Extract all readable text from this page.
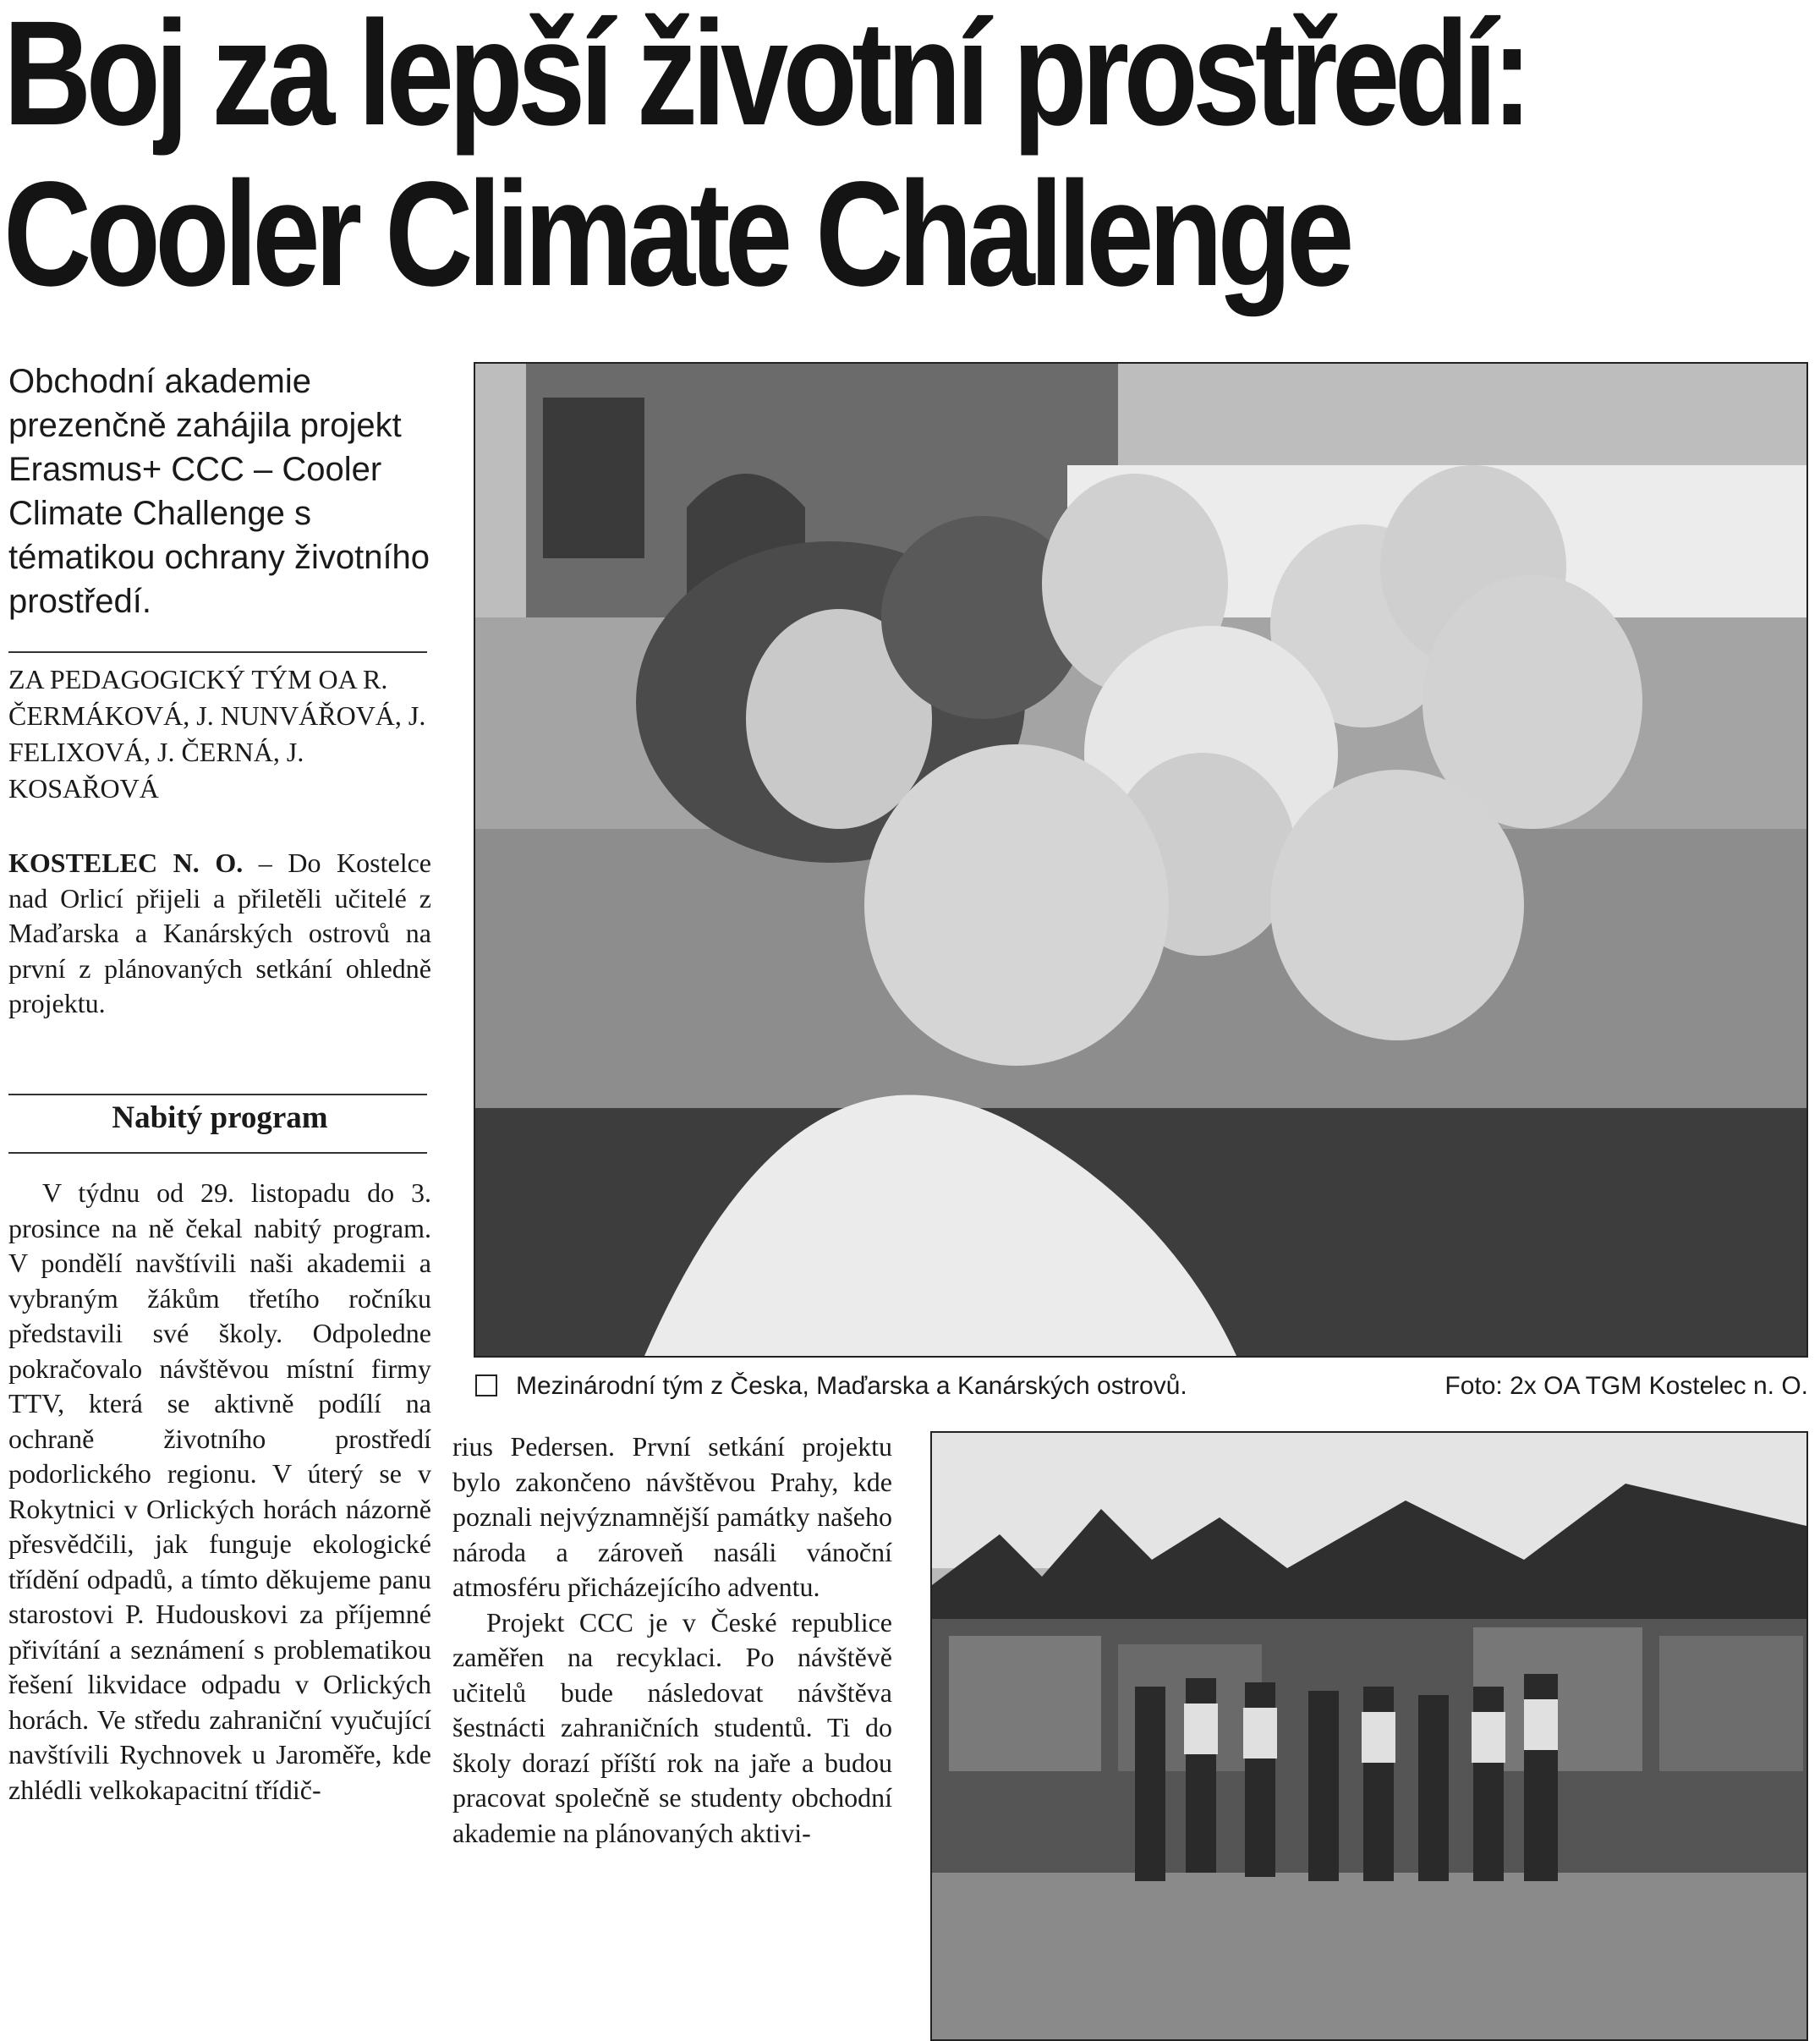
Boj za lepší životní prostředí:
Cooler Climate Challenge
Obchodní akademie prezenčně zahájila projekt Erasmus+ CCC – Cooler Climate Challenge s tématikou ochrany životního prostředí.
ZA PEDAGOGICKÝ TÝM OA R. ČERMÁKOVÁ, J. NUNVÁŘOVÁ, J. FELIXOVÁ, J. ČERNÁ, J. KOSAŘOVÁ
KOSTELEC N. O. – Do Kostelce nad Orlicí přijeli a přiletěli učitelé z Maďarska a Kanárských ostrovů na první z plánovaných setkání ohledně projektu.
Nabitý program
V týdnu od 29. listopadu do 3. prosince na ně čekal nabitý program. V pondělí navštívili naši akademii a vybraným žákům třetího ročníku představili své školy. Odpoledne pokračovalo návštěvou místní firmy TTV, která se aktivně podílí na ochraně životního prostředí podorlického regionu. V úterý se v Rokytnici v Orlických horách názorně přesvědčili, jak funguje ekologické třídění odpadů, a tímto děkujeme panu starostovi P. Hudouskovi za příjemné přivítání a seznámení s problematikou řešení likvidace odpadu v Orlických horách. Ve středu zahraniční vyučující navštívili Rychnovek u Jaroměře, kde zhlédli velkokapacitní třídič-
rius Pedersen. První setkání projektu bylo zakončeno návštěvou Prahy, kde poznali nejvýznamnější památky našeho národa a zároveň nasáli vánoční atmosféru přicházejícího adventu.
Projekt CCC je v České republice zaměřen na recyklaci. Po návštěvě učitelů bude následovat návštěva šestnácti zahraničních studentů. Ti do školy dorazí příští rok na jaře a budou pracovat společně se studenty obchodní akademie na plánovaných aktivi-
Mezinárodní tým z Česka, Maďarska a Kanárských ostrovů.	Foto: 2x OA TGM Kostelec n. O.
